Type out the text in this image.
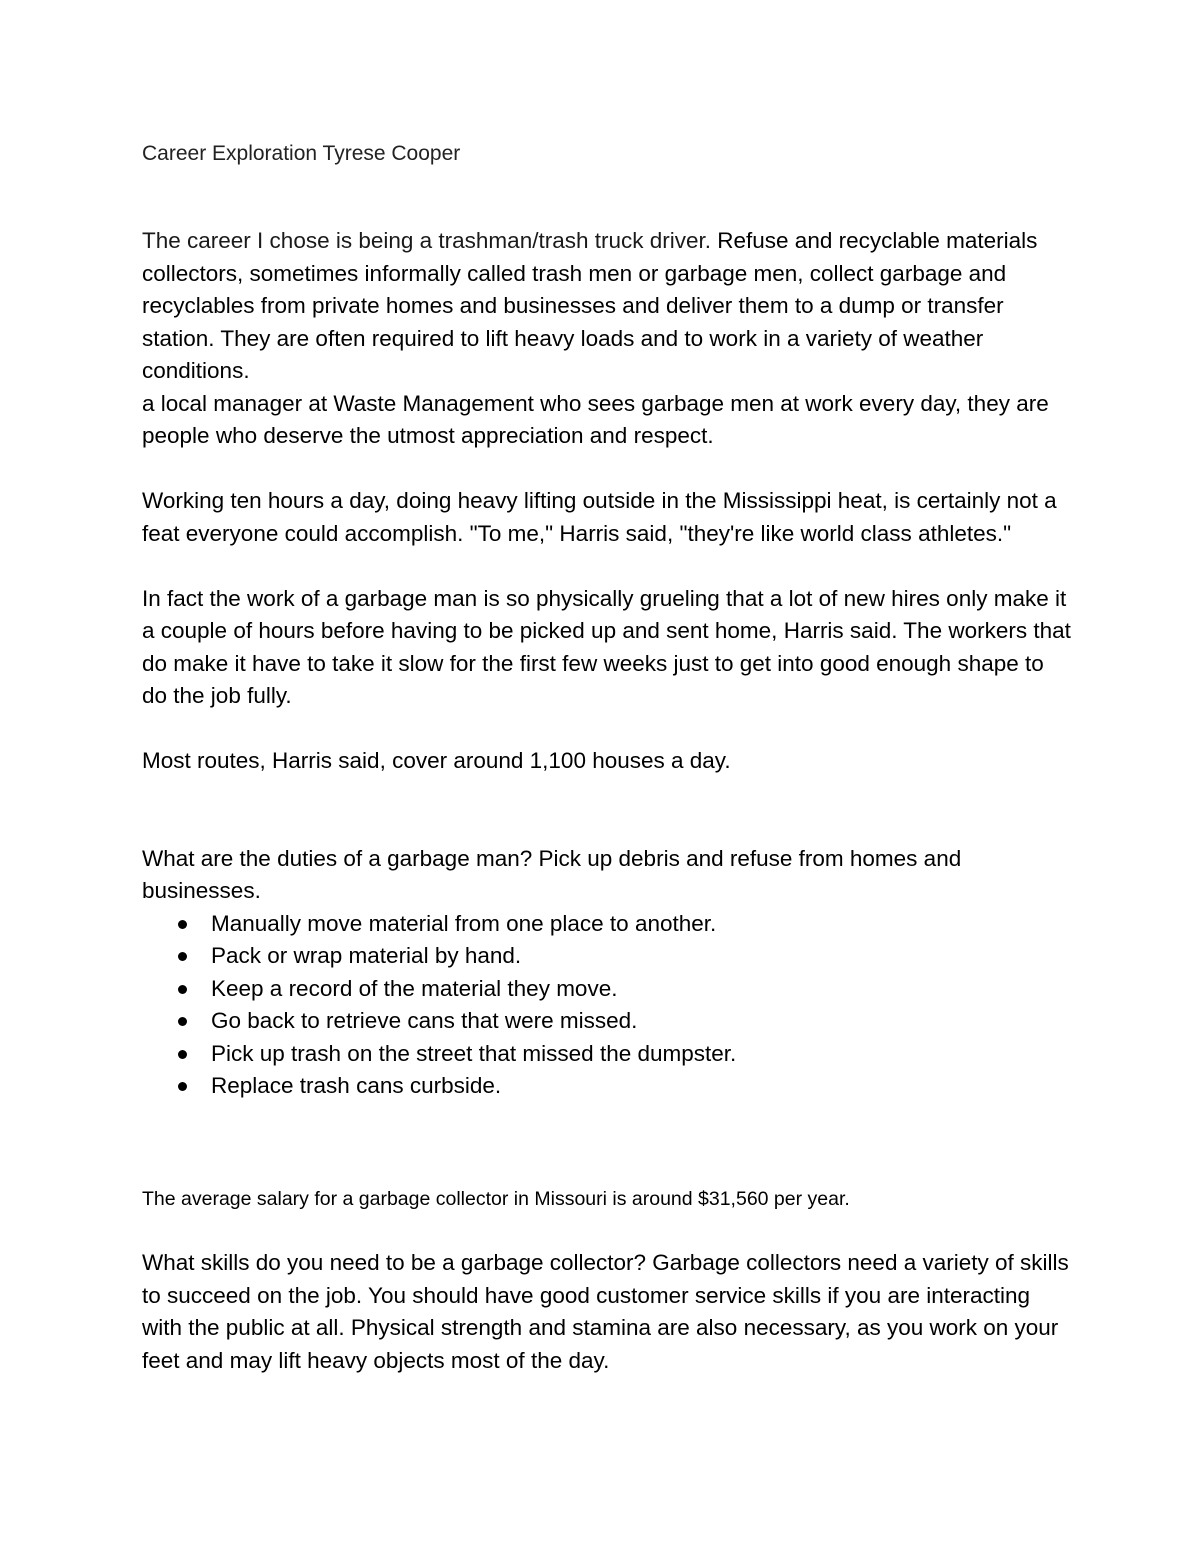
Career Exploration Tyrese Cooper

The career I chose is being a trashman/trash truck driver. Refuse and recyclable materials collectors, sometimes informally called trash men or garbage men, collect garbage and recyclables from private homes and businesses and deliver them to a dump or transfer station. They are often required to lift heavy loads and to work in a variety of weather conditions.

a local manager at Waste Management who sees garbage men at work every day, they are people who deserve the utmost appreciation and respect.

Working ten hours a day, doing heavy lifting outside in the Mississippi heat, is certainly not a feat everyone could accomplish. "To me," Harris said, "they're like world class athletes."

In fact the work of a garbage man is so physically grueling that a lot of new hires only make it a couple of hours before having to be picked up and sent home, Harris said. The workers that do make it have to take it slow for the first few weeks just to get into good enough shape to do the job fully.

Most routes, Harris said, cover around 1,100 houses a day.

What are the duties of a garbage man? Pick up debris and refuse from homes and businesses.

Manually move material from one place to another.
Pack or wrap material by hand.
Keep a record of the material they move.
Go back to retrieve cans that were missed.
Pick up trash on the street that missed the dumpster.
Replace trash cans curbside.

The average salary for a garbage collector in Missouri is around $31,560 per year.

What skills do you need to be a garbage collector? Garbage collectors need a variety of skills to succeed on the job. You should have good customer service skills if you are interacting with the public at all. Physical strength and stamina are also necessary, as you work on your feet and may lift heavy objects most of the day.
